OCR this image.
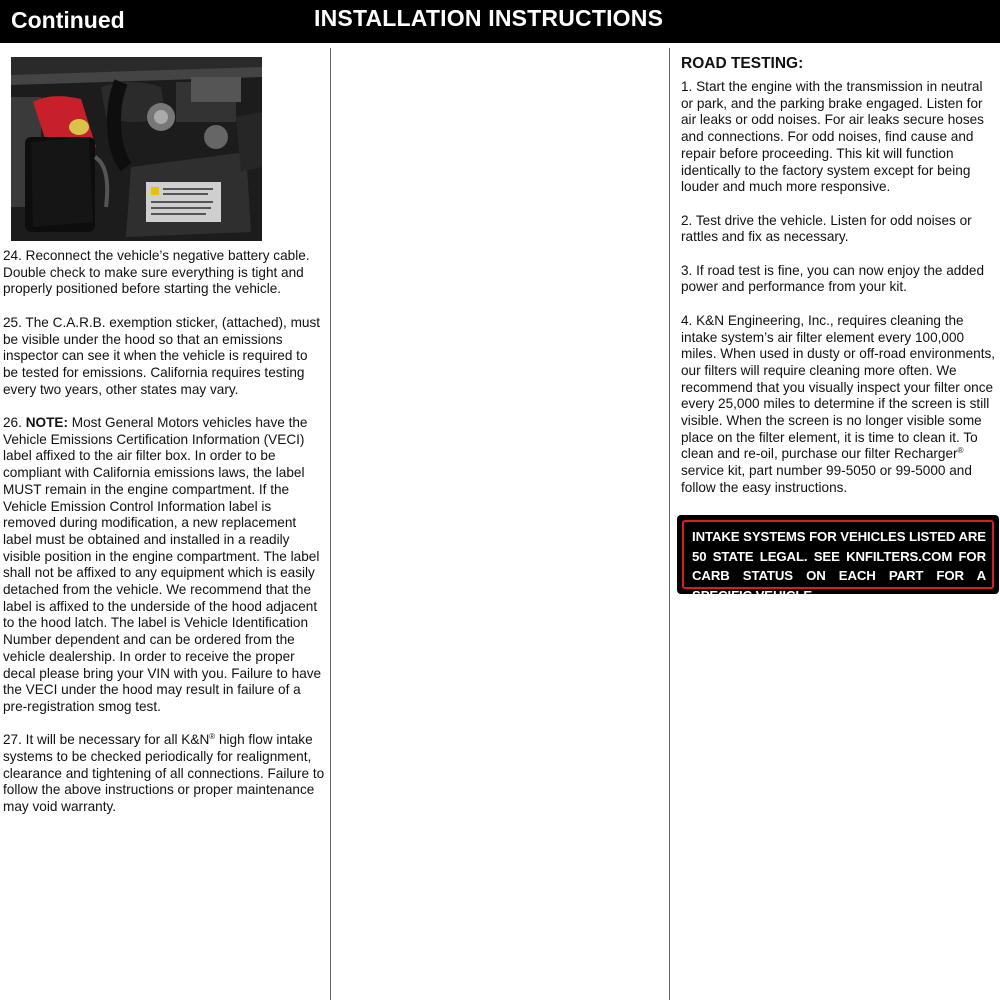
Continued	INSTALLATION INSTRUCTIONS

24. Reconnect the vehicle’s negative battery cable. Double check to make sure everything is tight and properly positioned before starting the vehicle.

25. The C.A.R.B. exemption sticker, (attached), must be visible under the hood so that an emissions inspector can see it when the vehicle is required to be tested for emissions. California requires testing every two years, other states may vary.

26. NOTE: Most General Motors vehicles have the Vehicle Emissions Certification Information (VECI) label affixed to the air filter box. In order to be compliant with California emissions laws, the label MUST remain in the engine compartment. If the Vehicle Emission Control Information label is removed during modification, a new replacement label must be obtained and installed in a readily visible position in the engine compartment. The label shall not be affixed to any equipment which is easily detached from the vehicle. We recommend that the label is affixed to the underside of the hood adjacent to the hood latch. The label is Vehicle Identification Number dependent and can be ordered from the vehicle dealership. In order to receive the proper decal please bring your VIN with you. Failure to have the VECI under the hood may result in failure of a pre-registration smog test.

27. It will be necessary for all K&N® high flow intake systems to be checked periodically for realignment, clearance and tightening of all connections. Failure to follow the above instructions or proper maintenance may void warranty.

ROAD TESTING:

1. Start the engine with the transmission in neutral or park, and the parking brake engaged. Listen for air leaks or odd noises. For air leaks secure hoses and connections. For odd noises, find cause and repair before proceeding. This kit will function identically to the factory system except for being louder and much more responsive.

2. Test drive the vehicle. Listen for odd noises or rattles and fix as necessary.

3. If road test is fine, you can now enjoy the added power and performance from your kit.

4. K&N Engineering, Inc., requires cleaning the intake system’s air filter element every 100,000 miles. When used in dusty or off-road environments, our filters will require cleaning more often. We recommend that you visually inspect your filter once every 25,000 miles to determine if the screen is still visible. When the screen is no longer visible some place on the filter element, it is time to clean it. To clean and re-oil, purchase our filter Recharger® service kit, part number 99-5050 or 99-5000 and follow the easy instructions.

INTAKE SYSTEMS FOR VEHICLES LISTED ARE 50 STATE LEGAL. SEE KNFILTERS.COM FOR CARB STATUS ON EACH PART FOR A SPECIFIC VEHICLE.
